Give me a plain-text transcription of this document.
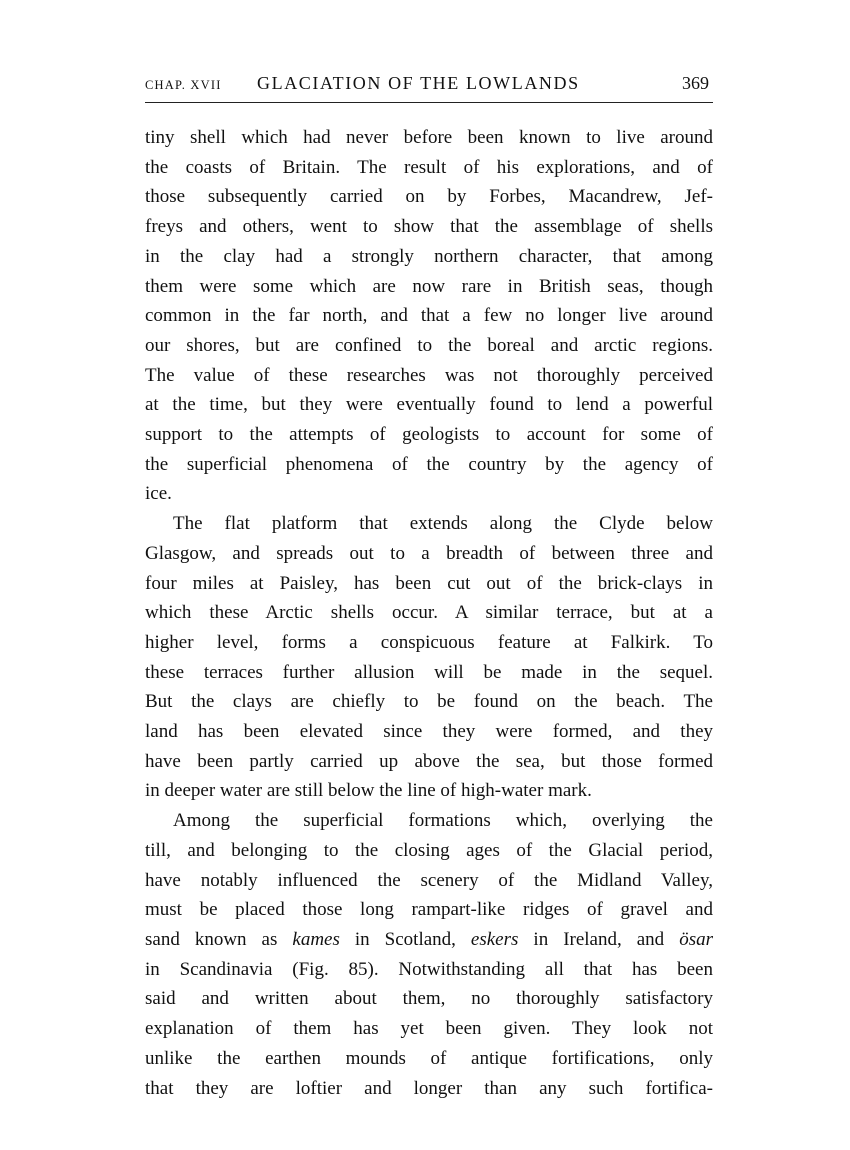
CHAP. XVII GLACIATION OF THE LOWLANDS	369

tiny shell which had never before been known to live around
the coasts of Britain. The result of his explorations, and of
those subsequently carried on by Forbes, Macandrew, Jef-
freys and others, went to show that the assemblage of shells
in the clay had a strongly northern character, that among
them were some which are now rare in British seas, though
common in the far north, and that a few no longer live around
our shores, but are confined to the boreal and arctic regions.
The value of these researches was not thoroughly perceived
at the time, but they were eventually found to lend a powerful
support to the attempts of geologists to account for some of
the superficial phenomena of the country by the agency of
ice.

The flat platform that extends along the Clyde below
Glasgow, and spreads out to a breadth of between three and
four miles at Paisley, has been cut out of the brick-clays in
which these Arctic shells occur. A similar terrace, but at a
higher level, forms a conspicuous feature at Falkirk. To
these terraces further allusion will be made in the sequel.
But the clays are chiefly to be found on the beach. The
land has been elevated since they were formed, and they
have been partly carried up above the sea, but those formed
in deeper water are still below the line of high-water mark.

Among the superficial formations which, overlying the
till, and belonging to the closing ages of the Glacial period,
have notably influenced the scenery of the Midland Valley,
must be placed those long rampart-like ridges of gravel and
sand known as kames in Scotland, eskers in Ireland, and ösar
in Scandinavia (Fig. 85). Notwithstanding all that has been
said and written about them, no thoroughly satisfactory
explanation of them has yet been given. They look not
unlike the earthen mounds of antique fortifications, only
that they are loftier and longer than any such fortifica-
